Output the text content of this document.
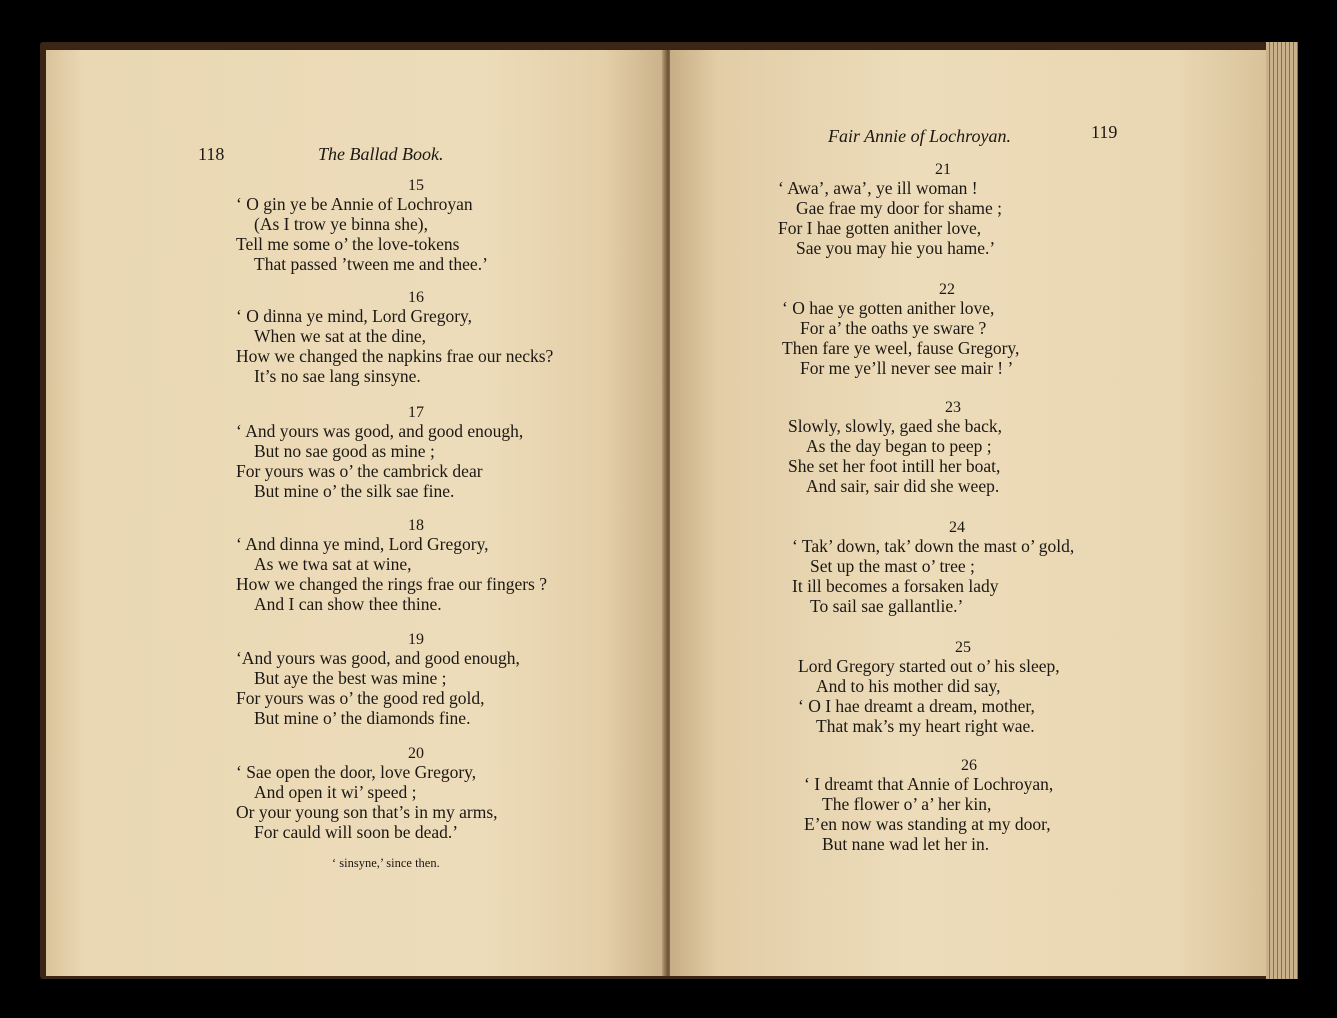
118	The Ballad Book.
15
‘ O gin ye be Annie of Lochroyan
(As I trow ye binna she),
Tell me some o’ the love-tokens
That passed ’tween me and thee.’
16
‘ O dinna ye mind, Lord Gregory,
When we sat at the dine,
How we changed the napkins frae our necks?
It’s no sae lang sinsyne.
17
‘ And yours was good, and good enough,
But no sae good as mine ;
For yours was o’ the cambrick dear
But mine o’ the silk sae fine.
18
‘ And dinna ye mind, Lord Gregory,
As we twa sat at wine,
How we changed the rings frae our fingers ?
And I can show thee thine.
19
‘And yours was good, and good enough,
But aye the best was mine ;
For yours was o’ the good red gold,
But mine o’ the diamonds fine.
20
‘ Sae open the door, love Gregory,
And open it wi’ speed ;
Or your young son that’s in my arms,
For cauld will soon be dead.’
‘ sinsyne,’ since then.
Fair Annie of Lochroyan.	119
21
‘ Awa’, awa’, ye ill woman !
Gae frae my door for shame ;
For I hae gotten anither love,
Sae you may hie you hame.’
22
‘ O hae ye gotten anither love,
For a’ the oaths ye sware ?
Then fare ye weel, fause Gregory,
For me ye’ll never see mair ! ’
23
Slowly, slowly, gaed she back,
As the day began to peep ;
She set her foot intill her boat,
And sair, sair did she weep.
24
‘ Tak’ down, tak’ down the mast o’ gold,
Set up the mast o’ tree ;
It ill becomes a forsaken lady
To sail sae gallantlie.’
25
Lord Gregory started out o’ his sleep,
And to his mother did say,
‘ O I hae dreamt a dream, mother,
That mak’s my heart right wae.
26
‘ I dreamt that Annie of Lochroyan,
The flower o’ a’ her kin,
E’en now was standing at my door,
But nane wad let her in.
